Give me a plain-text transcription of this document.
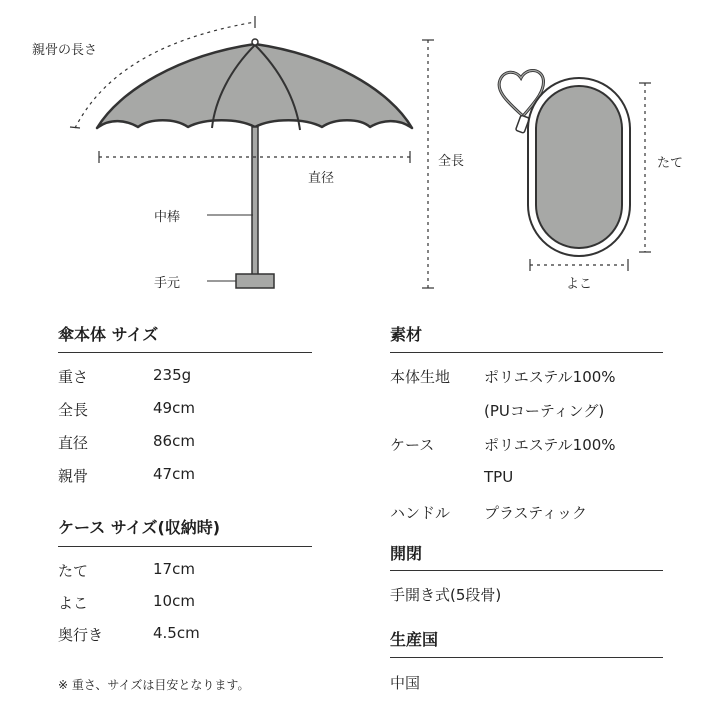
親骨の長さ
直径
全長
中棒
手元
たて
よこ
傘本体 サイズ
重さ	235g
全長	49cm
直径	86cm
親骨	47cm
ケース サイズ(収納時)
たて	17cm
よこ	10cm
奥行き	4.5cm
※ 重さ、サイズは目安となります。
素材
本体生地 ポリエステル100%
(PUコーティング)
ケース	ポリエステル100%
TPU
ハンドル プラスティック
開閉
手開き式(5段骨)
生産国
中国
